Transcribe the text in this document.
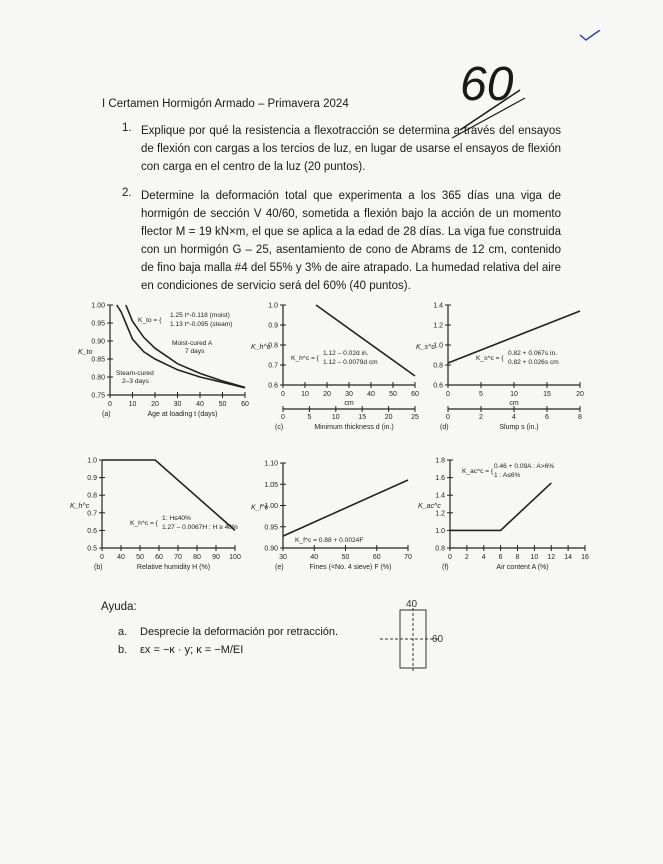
60
I Certamen Hormigón Armado – Primavera 2024
1. Explique por qué la resistencia a flexotracción se determina a través del ensayos de flexión con cargas a los tercios de luz, en lugar de usarse el ensayos de flexión con carga en el centro de la luz (20 puntos).
2. Determine la deformación total que experimenta a los 365 días una viga de hormigón de sección V 40/60, sometida a flexión bajo la acción de un momento flector M = 19 kN×m, el que se aplica a la edad de 28 días. La viga fue construida con un hormigón G – 25, asentamiento de cono de Abrams de 12 cm, contenido de fino baja malla #4 del 55% y 3% de aire atrapado. La humedad relativa del aire en condiciones de servicio será del 60% (40 puntos).
0.75
0.80
0.85
0.90
0.95
1.00
0 10 20 30 40 50 60
(a)	Age at loading t (days)
K_to
K_to = {
1.25 t^-0.118 (moist)
1.13 t^-0.095 (steam)
Moist-cured A
7 days
Steam-cured
2–3 days
0.6
0.7
0.8
0.9
1.0
0 10 20 30 40 50 60
cm
0	5	10	15	20	25
(c)	Minimum thickness d (in.)
K_h^c
K_h^c = {
1.12 – 0.02d in.
1.12 – 0.0079d cm
0.6
0.8
1.0
1.2
1.4
0	5	10	15	20
cm
0	2	4	6	8
(d)	Slump s (in.)
K_s^c
K_s^c = {
0.82 + 0.067s in.
0.82 + 0.026s cm
0.5
0.6
0.7
0.8
0.9
1.0
0 40 50 60 70 80 90 100
(b)	Relative humidity H (%)
K_h^c
K_h^c = {
1: H≤40%
1.27 – 0.0067H : H ≥ 40%
0.90
0.95
1.00
1.05
1.10
30	40	50	60	70
(e)	Fines (<No. 4 sieve) F (%)
K_f^c
K_f^c = 0.88 + 0.0024F
0.8
1.0
1.2
1.4
1.6
1.8
0 2 4 6 8 10 12 14 16
(f)	Air content A (%)
K_ac^c
K_ac^c = {
0.46 + 0.09A : A>6%
1 : A≤6%
Ayuda:
a. Desprecie la deformación por retracción.
b. εx = −κ · y; κ = −M/EI
40
60
